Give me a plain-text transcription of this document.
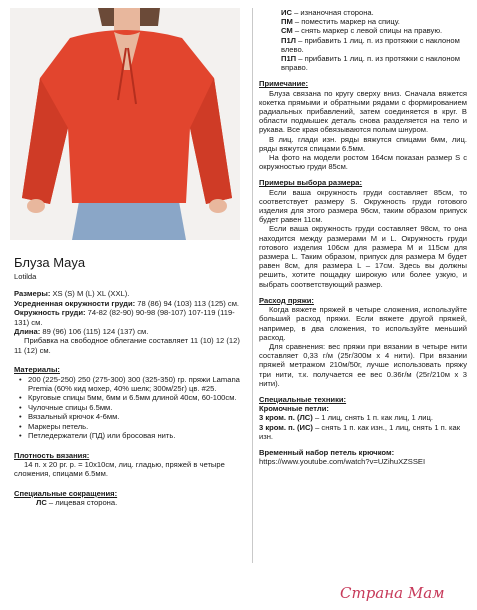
Блуза Maya

Lotilda

Размеры: XS (S) M (L) XL (XXL).

Усредненная окружности груди: 78 (86) 94 (103) 113 (125) см.

Окружность груди: 74-82 (82-90) 90-98 (98-107) 107-119 (119-131) см.

Длина: 89 (96) 106 (115) 124 (137) см.

Прибавка на свободное облегание составляет 11 (10) 12 (12) 11 (12) см.

Материалы:

• 200 (225-250) 250 (275-300) 300 (325-350) гр. пряжи Lamana Premia (60% кид мохер, 40% шелк; 300м/25г) цв. #25.
• Круговые спицы 5мм, 6мм и 6.5мм длиной 40см, 60-100см.
• Чулочные спицы 6.5мм.
• Вязальный крючок 4-6мм.
• Маркеры петель.
• Петледержатели (ПД) или бросовая нить.

Плотность вязания:

14 п. х 20 рг. р. = 10x10см, лиц. гладью, пряжей в четыре сложения, спицами 6.5мм.

Специальные сокращения:

ЛС – лицевая сторона.

ИС – изнаночная сторона.

ПМ – поместить маркер на спицу.

СМ – снять маркер с левой спицы на правую.

П1Л – прибавить 1 лиц. п. из протяжки с наклоном влево.

П1П – прибавить 1 лиц. п. из протяжки с наклоном вправо.

Примечание:

Блуза связана по кругу сверху вниз. Сначала вяжется кокетка прямыми и обратными рядами с формированием радиальных прибавлений, затем соединяется в круг. В области подмышек деталь снова разделяется на тело и рукава. Все края обвязываются полым шнуром.

В лиц. глади изн. ряды вяжутся спицами 6мм, лиц. ряды вяжутся спицами 6.5мм.

На фото на модели ростом 164см показан размер S с окружностью груди 85см.

Примеры выбора размера:

Если ваша окружность груди составляет 85см, то соответствует размеру S. Окружность груди готового изделия для этого размера 96см, таким образом припуск будет равен 11см.

Если ваша окружность груди составляет 98см, то она находится между размерами M и L. Окружность груди готового изделия 106см для размера M и 115см для размера L. Таким образом, припуск для размера M будет равен 8см, для размера L – 17см. Здесь вы должны решить, хотите пощадку широкую или более узкую, и выбрать соответствующий размер.

Расход пряжи:

Когда вяжете пряжей в четыре сложения, используйте больший расход пряжи. Если вяжете другой пряжей, например, в два сложения, то используйте меньший расход.

Для сравнения: вес пряжи при вязании в четыре нити составляет 0,33 г/м (25г/300м x 4 нити). При вязании пряжей метражом 210м/50г, лучше использовать пряжу три нити, т.к. получается ее вес 0.36г/м (25г/210м x 3 нити).

Специальные техники:

Кромочные петли:

3 кром. п. (ЛС) – 1 лиц, снять 1 п. как лиц, 1 лиц.

3 кром. п. (ИС) – снять 1 п. как изн., 1 лиц, снять 1 п. как изн.

Временный набор петель крючком:

https://www.youtube.com/watch?v=UZihuXZSSEI

Страна Мам
